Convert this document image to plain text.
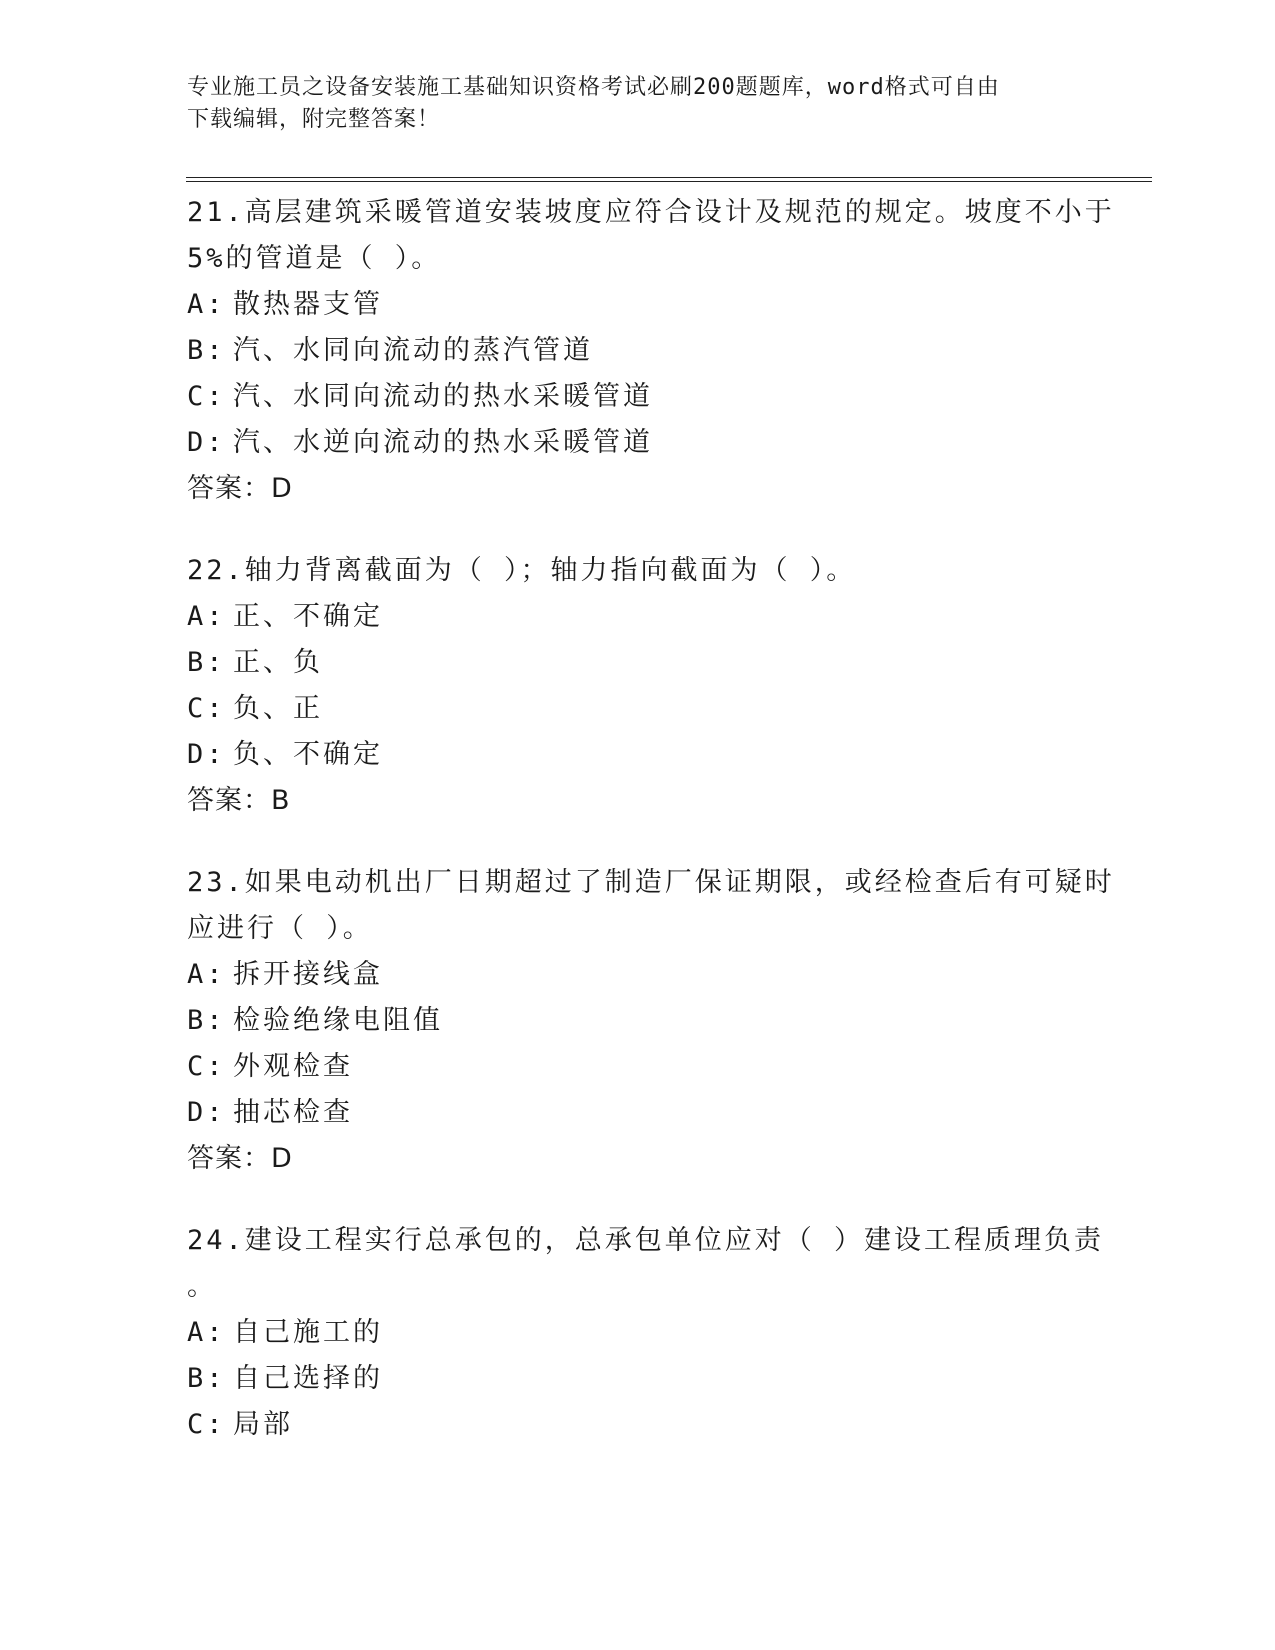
专业施工员之设备安装施工基础知识资格考试必刷200题题库，word格式可自由
下载编辑，附完整答案！
21.高层建筑采暖管道安装坡度应符合设计及规范的规定。坡度不小于
5%的管道是（ ）。
A: 散热器支管
B: 汽、水同向流动的蒸汽管道
C: 汽、水同向流动的热水采暖管道
D: 汽、水逆向流动的热水采暖管道
答案：D
22.轴力背离截面为（ ）；轴力指向截面为（ ）。
A: 正、不确定
B: 正、负
C: 负、正
D: 负、不确定
答案：B
23.如果电动机出厂日期超过了制造厂保证期限，或经检查后有可疑时
应进行（ ）。
A: 拆开接线盒
B: 检验绝缘电阻值
C: 外观检查
D: 抽芯检查
答案：D
24.建设工程实行总承包的，总承包单位应对（ ）建设工程质理负责
。
A: 自己施工的
B: 自己选择的
C: 局部
